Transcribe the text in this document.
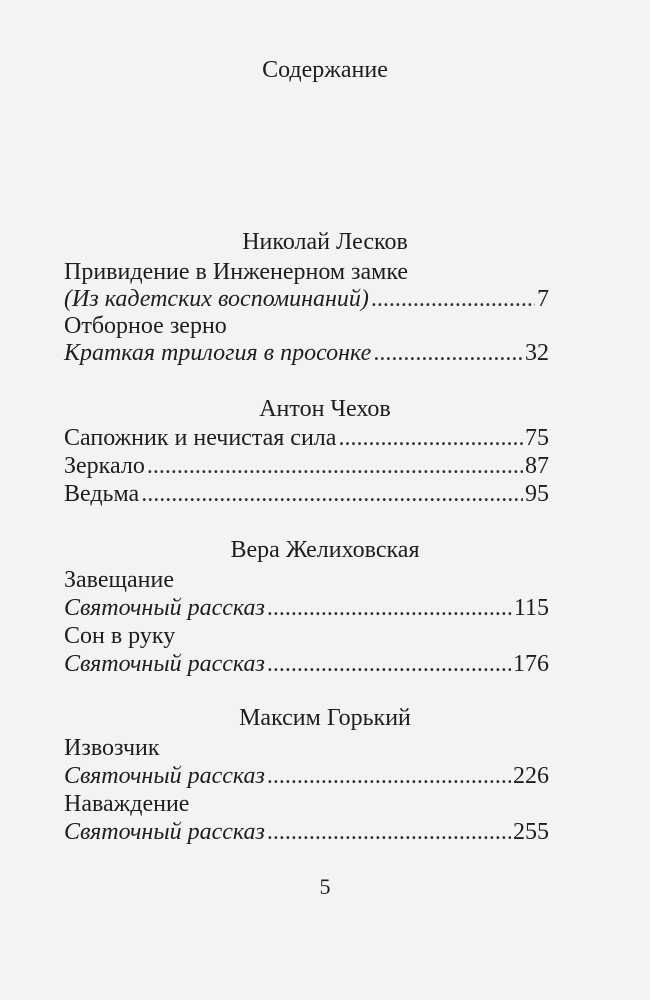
Содержание
Николай Лесков
Привидение в Инженерном замке
(Из кадетских воспоминаний) .....	7
Отборное зерно
Краткая трилогия в просонке .....	32
Антон Чехов
Сапожник и нечистая сила .....	75
Зеркало .....	87
Ведьма .....	95
Вера Желиховская
Завещание
Святочный рассказ .....	115
Сон в руку
Святочный рассказ .....	176
Максим Горький
Извозчик
Святочный рассказ .....	226
Наваждение
Святочный рассказ .....	255
5
